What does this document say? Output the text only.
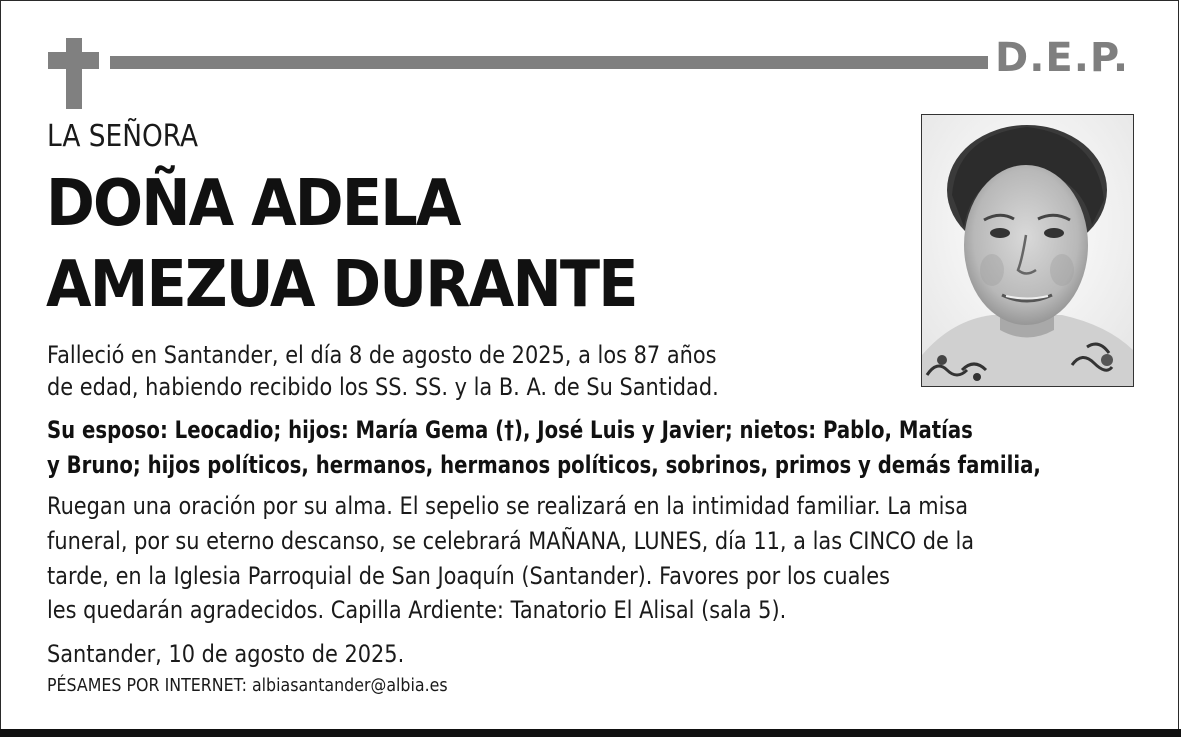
D.E.P.
LA SEÑORA
DOÑA ADELA
AMEZUA DURANTE
Falleció en Santander, el día 8 de agosto de 2025, a los 87 años
de edad, habiendo recibido los SS. SS. y la B. A. de Su Santidad.
Su esposo: Leocadio; hijos: María Gema (†), José Luis y Javier; nietos: Pablo, Matías
y Bruno; hijos políticos, hermanos, hermanos políticos, sobrinos, primos y demás familia,
Ruegan una oración por su alma. El sepelio se realizará en la intimidad familiar. La misa
funeral, por su eterno descanso, se celebrará MAÑANA, LUNES, día 11, a las CINCO de la
tarde, en la Iglesia Parroquial de San Joaquín (Santander). Favores por los cuales
les quedarán agradecidos. Capilla Ardiente: Tanatorio El Alisal (sala 5).
Santander, 10 de agosto de 2025.
PÉSAMES POR INTERNET: albiasantander@albia.es
